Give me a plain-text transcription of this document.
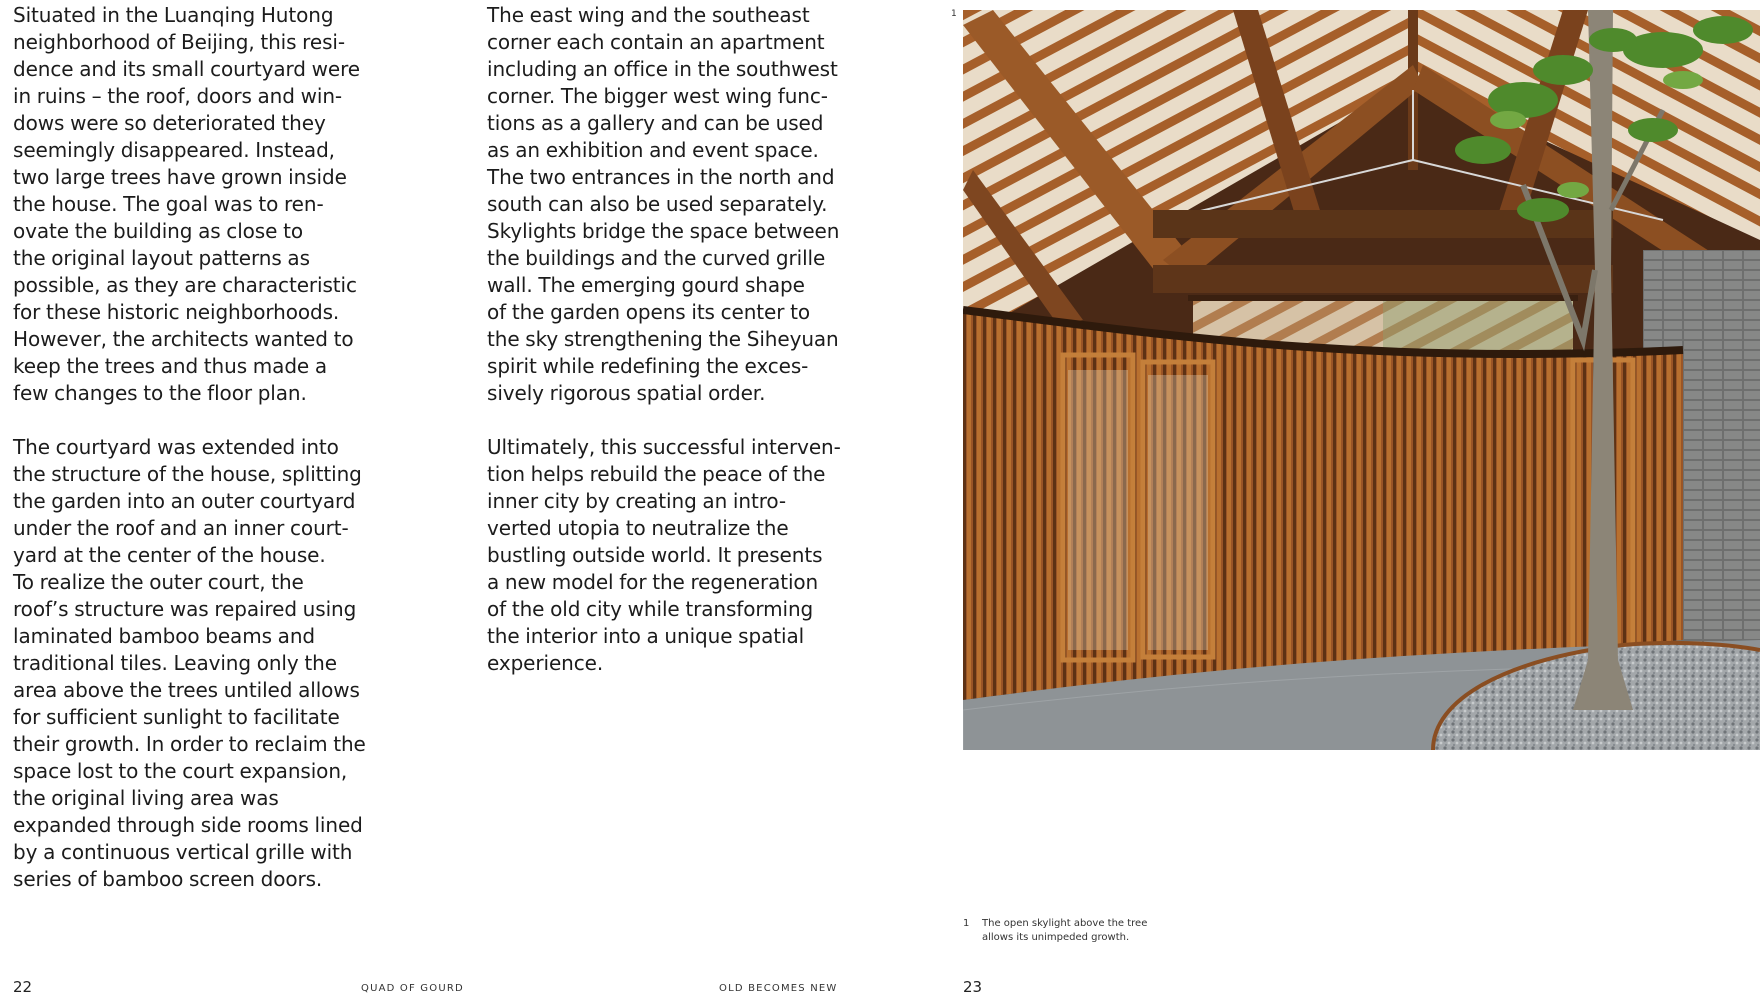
Situated in the Luanqing Hutong
neighborhood of Beijing, this resi-
dence and its small courtyard were
in ruins – the roof, doors and win-
dows were so deteriorated they
seemingly disappeared. Instead,
two large trees have grown inside
the house. The goal was to ren-
ovate the building as close to
the original layout patterns as
possible, as they are characteristic
for these historic neighborhoods.
However, the architects wanted to
keep the trees and thus made a
few changes to the floor plan.
The courtyard was extended into
the structure of the house, splitting
the garden into an outer courtyard
under the roof and an inner court-
yard at the center of the house.
To realize the outer court, the
roof’s structure was repaired using
laminated bamboo beams and
traditional tiles. Leaving only the
area above the trees untiled allows
for sufficient sunlight to facilitate
their growth. In order to reclaim the
space lost to the court expansion,
the original living area was
expanded through side rooms lined
by a continuous vertical grille with
series of bamboo screen doors.
The east wing and the southeast
corner each contain an apartment
including an office in the southwest
corner. The bigger west wing func-
tions as a gallery and can be used
as an exhibition and event space.
The two entrances in the north and
south can also be used separately.
Skylights bridge the space between
the buildings and the curved grille
wall. The emerging gourd shape
of the garden opens its center to
the sky strengthening the Siheyuan
spirit while redefining the exces-
sively rigorous spatial order.
Ultimately, this successful interven-
tion helps rebuild the peace of the
inner city by creating an intro-
verted utopia to neutralize the
bustling outside world. It presents
a new model for the regeneration
of the old city while transforming
the interior into a unique spatial
experience.
1
1 The open skylight above the tree
allows its unimpeded growth.
22	QUAD OF GOURD	OLD BECOMES NEW	23
